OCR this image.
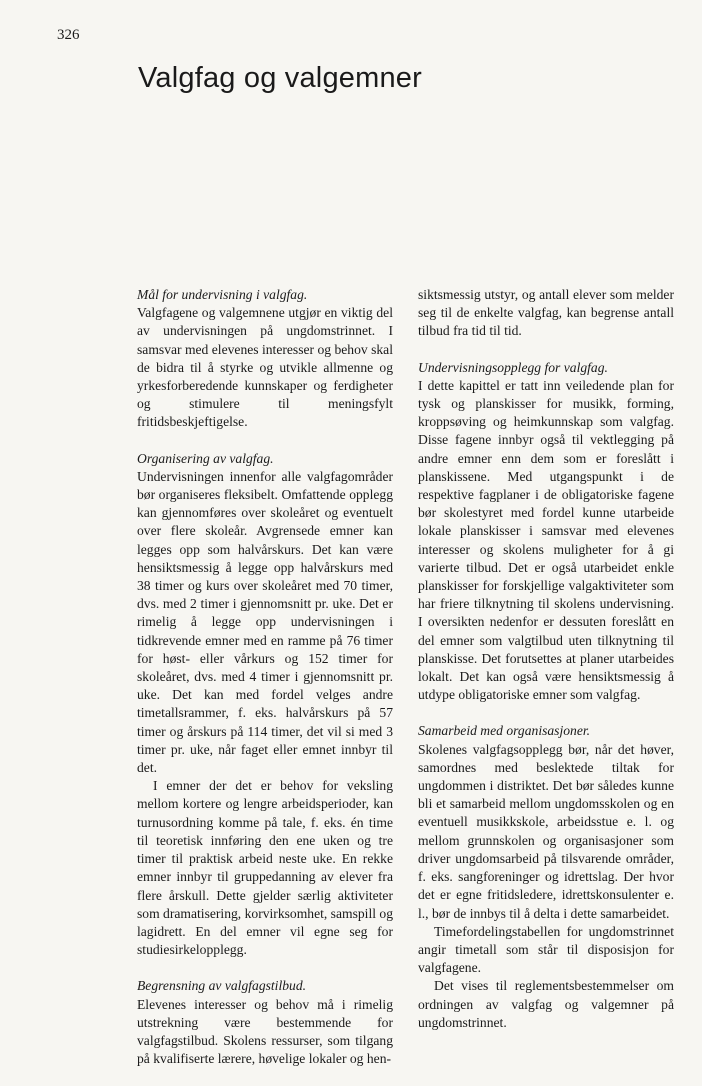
326
Valgfag og valgemner

Mål for undervisning i valgfag.

Valgfagene og valgemnene utgjør en viktig del av undervisningen på ungdomstrinnet. I samsvar med elevenes interesser og behov skal de bidra til å styrke og utvikle allmenne og yrkesforberedende kunnskaper og ferdigheter og stimulere til meningsfylt fritidsbeskjeftigelse.

Organisering av valgfag.

Undervisningen innenfor alle valgfagområder bør organiseres fleksibelt. Omfattende opplegg kan gjennomføres over skoleåret og eventuelt over flere skoleår. Avgrensede emner kan legges opp som halvårskurs. Det kan være hensiktsmessig å legge opp halvårskurs med 38 timer og kurs over skoleåret med 70 timer, dvs. med 2 timer i gjennomsnitt pr. uke. Det er rimelig å legge opp undervisningen i tidkrevende emner med en ramme på 76 timer for høst- eller vårkurs og 152 timer for skoleåret, dvs. med 4 timer i gjennomsnitt pr. uke. Det kan med fordel velges andre timetallsrammer, f. eks. halvårskurs på 57 timer og årskurs på 114 timer, det vil si med 3 timer pr. uke, når faget eller emnet innbyr til det.

I emner der det er behov for veksling mellom kortere og lengre arbeidsperioder, kan turnusordning komme på tale, f. eks. én time til teoretisk innføring den ene uken og tre timer til praktisk arbeid neste uke. En rekke emner innbyr til gruppedanning av elever fra flere årskull. Dette gjelder særlig aktiviteter som dramatisering, korvirksomhet, samspill og lagidrett. En del emner vil egne seg for studiesirkelopplegg.

Begrensning av valgfagstilbud.

Elevenes interesser og behov må i rimelig utstrekning være bestemmende for valgfagstilbud. Skolens ressurser, som tilgang på kvalifiserte lærere, høvelige lokaler og hen-

siktsmessig utstyr, og antall elever som melder seg til de enkelte valgfag, kan begrense antall tilbud fra tid til tid.

Undervisningsopplegg for valgfag.

I dette kapittel er tatt inn veiledende plan for tysk og planskisser for musikk, forming, kroppsøving og heimkunnskap som valgfag. Disse fagene innbyr også til vektlegging på andre emner enn dem som er foreslått i planskissene. Med utgangspunkt i de respektive fagplaner i de obligatoriske fagene bør skolestyret med fordel kunne utarbeide lokale planskisser i samsvar med elevenes interesser og skolens muligheter for å gi varierte tilbud. Det er også utarbeidet enkle planskisser for forskjellige valgaktiviteter som har friere tilknytning til skolens undervisning. I oversikten nedenfor er dessuten foreslått en del emner som valgtilbud uten tilknytning til planskisse. Det forutsettes at planer utarbeides lokalt. Det kan også være hensiktsmessig å utdype obligatoriske emner som valgfag.

Samarbeid med organisasjoner.

Skolenes valgfagsopplegg bør, når det høver, samordnes med beslektede tiltak for ungdommen i distriktet. Det bør således kunne bli et samarbeid mellom ungdomsskolen og en eventuell musikkskole, arbeidsstue e. l. og mellom grunnskolen og organisasjoner som driver ungdomsarbeid på tilsvarende områder, f. eks. sangforeninger og idrettslag. Der hvor det er egne fritidsledere, idrettskonsulenter e. l., bør de innbys til å delta i dette samarbeidet.

Timefordelingstabellen for ungdomstrinnet angir timetall som står til disposisjon for valgfagene.

Det vises til reglementsbestemmelser om ordningen av valgfag og valgemner på ungdomstrinnet.
